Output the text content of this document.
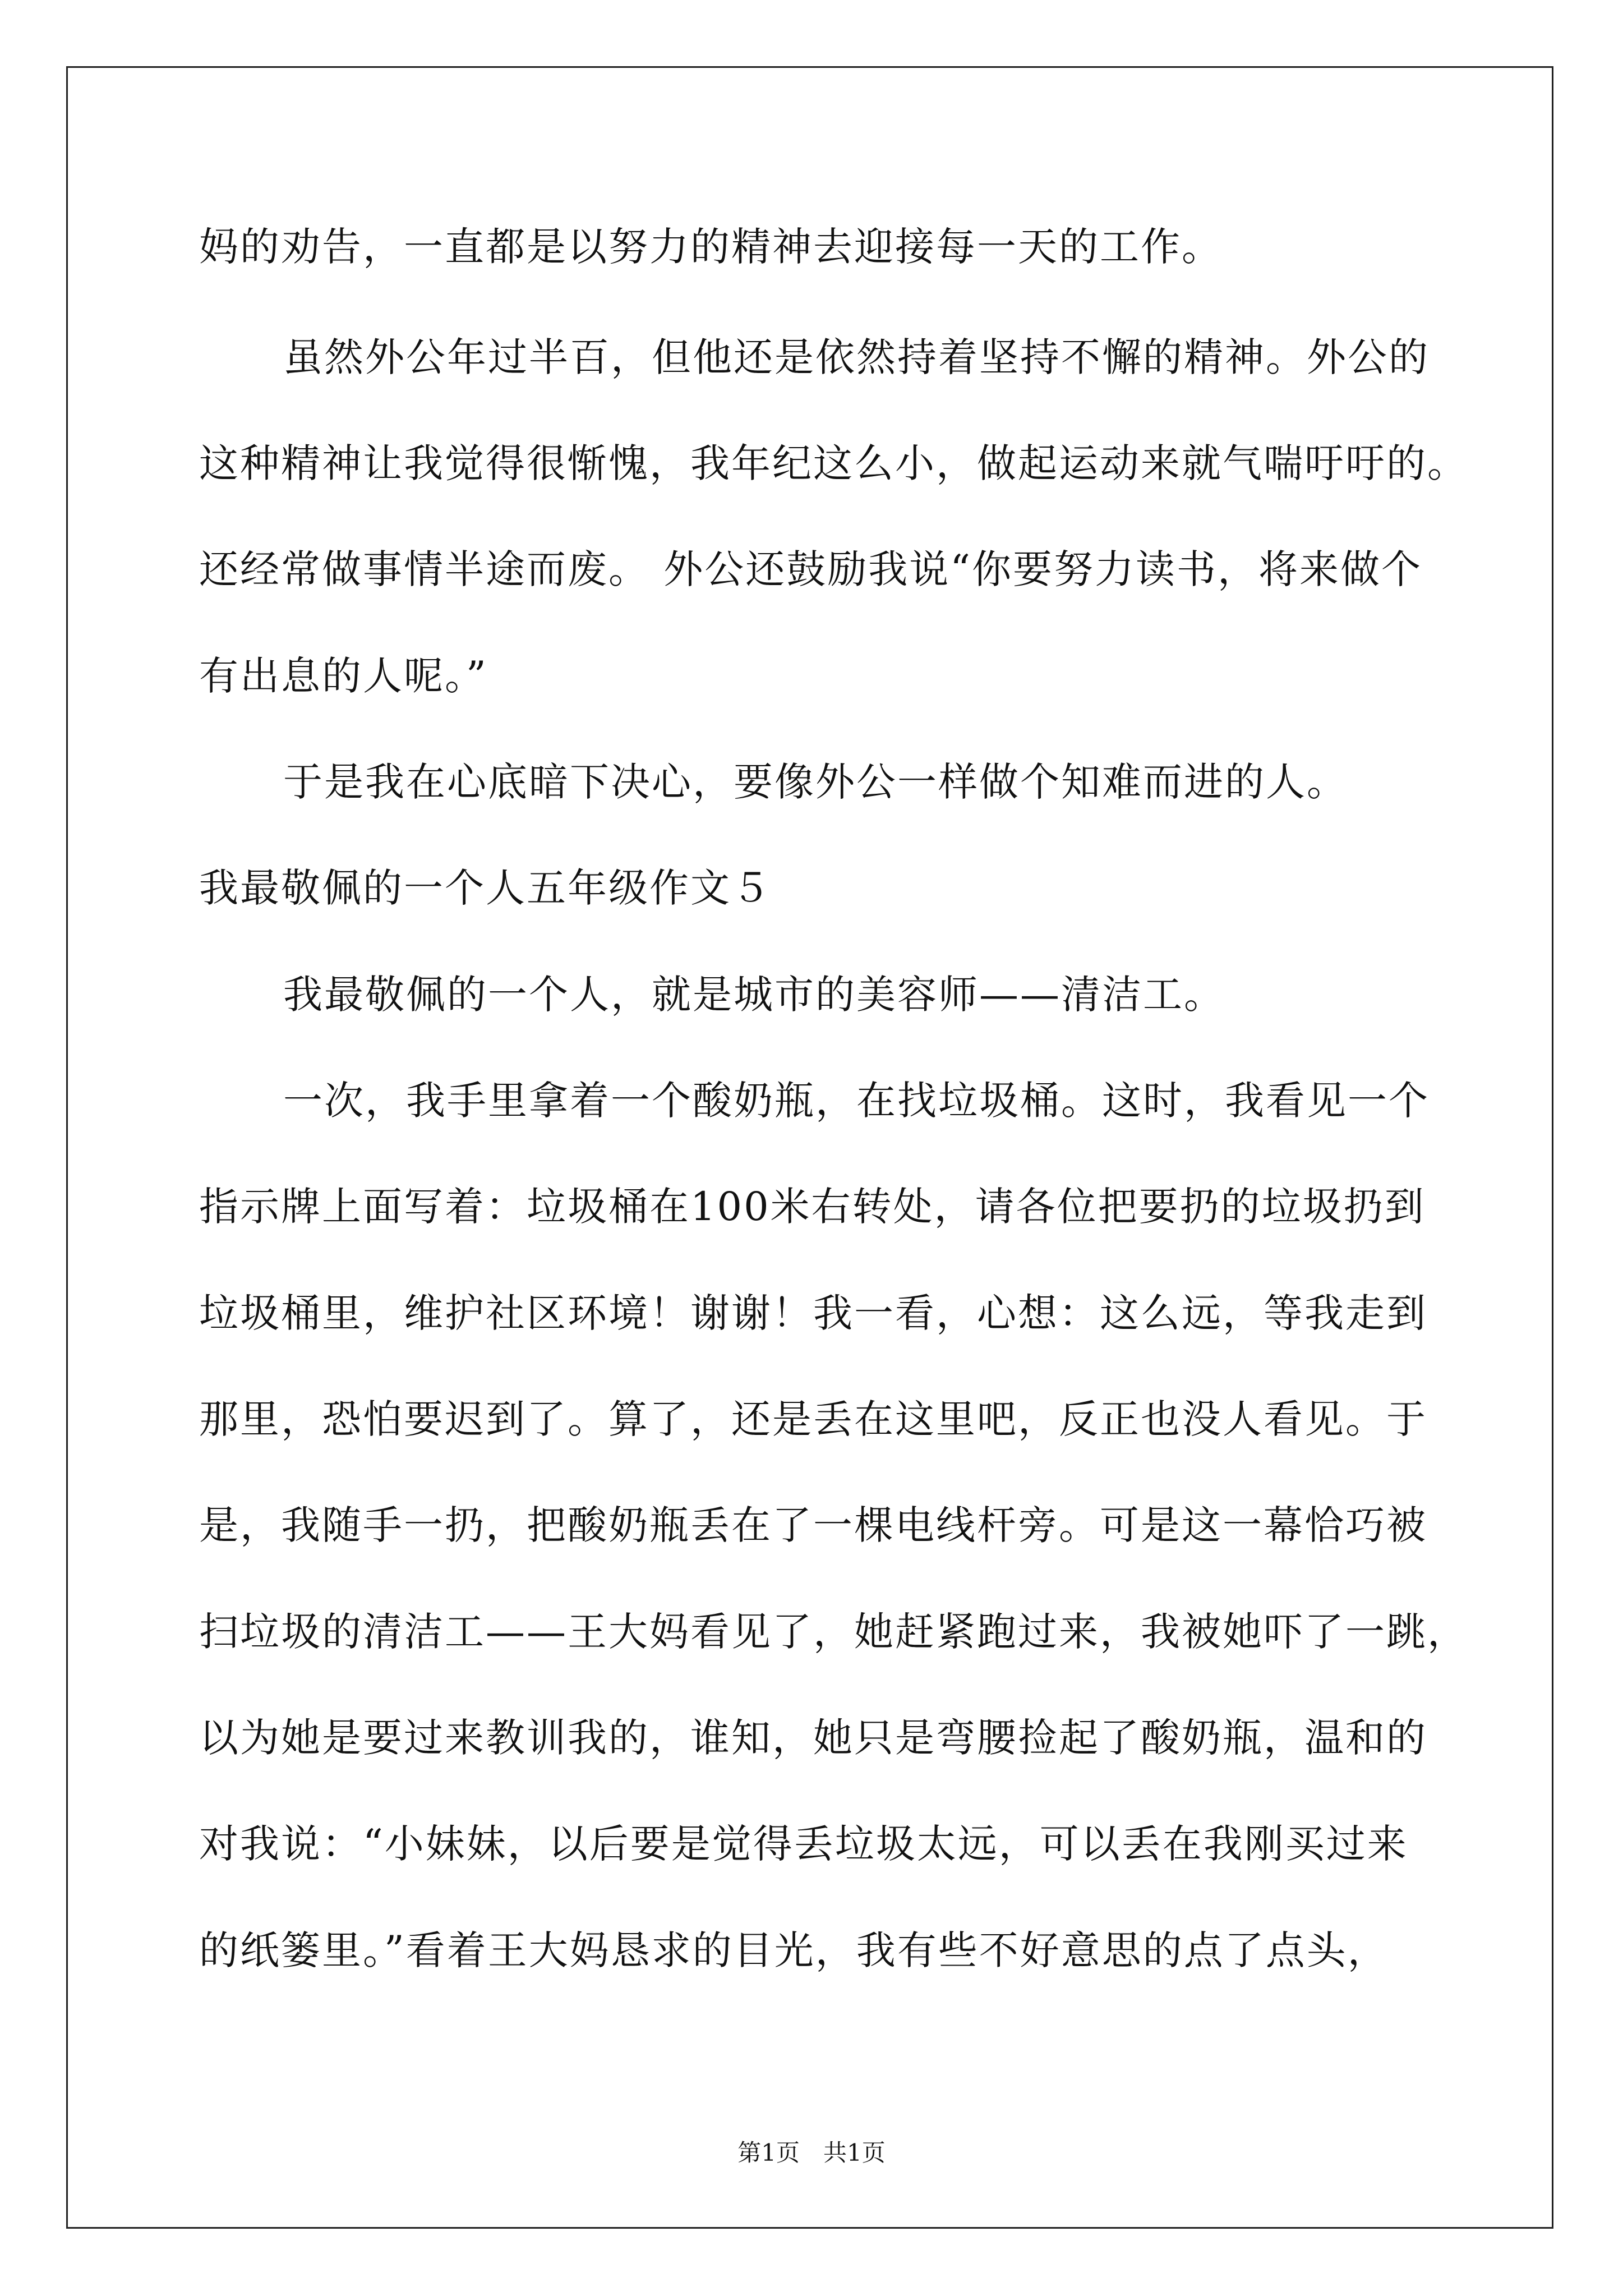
妈的劝告，一直都是以努力的精神去迎接每一天的工作。
虽然外公年过半百，但他还是依然持着坚持不懈的精神。外公的
这种精神让我觉得很惭愧，我年纪这么小，做起运动来就气喘吁吁的。
还经常做事情半途而废。 外公还鼓励我说“你要努力读书，将来做个
有出息的人呢。”
于是我在心底暗下决心，要像外公一样做个知难而进的人。
我最敬佩的一个人五年级作文５
我最敬佩的一个人，就是城市的美容师——清洁工。
一次，我手里拿着一个酸奶瓶，在找垃圾桶。这时，我看见一个
指示牌上面写着：垃圾桶在100米右转处，请各位把要扔的垃圾扔到
垃圾桶里，维护社区环境！谢谢！我一看，心想：这么远，等我走到
那里，恐怕要迟到了。算了，还是丢在这里吧，反正也没人看见。于
是，我随手一扔，把酸奶瓶丢在了一棵电线杆旁。可是这一幕恰巧被
扫垃圾的清洁工——王大妈看见了，她赶紧跑过来，我被她吓了一跳，
以为她是要过来教训我的，谁知，她只是弯腰捡起了酸奶瓶，温和的
对我说：“小妹妹，以后要是觉得丢垃圾太远，可以丢在我刚买过来
的纸篓里。”看着王大妈恳求的目光，我有些不好意思的点了点头，
第1页　共1页
